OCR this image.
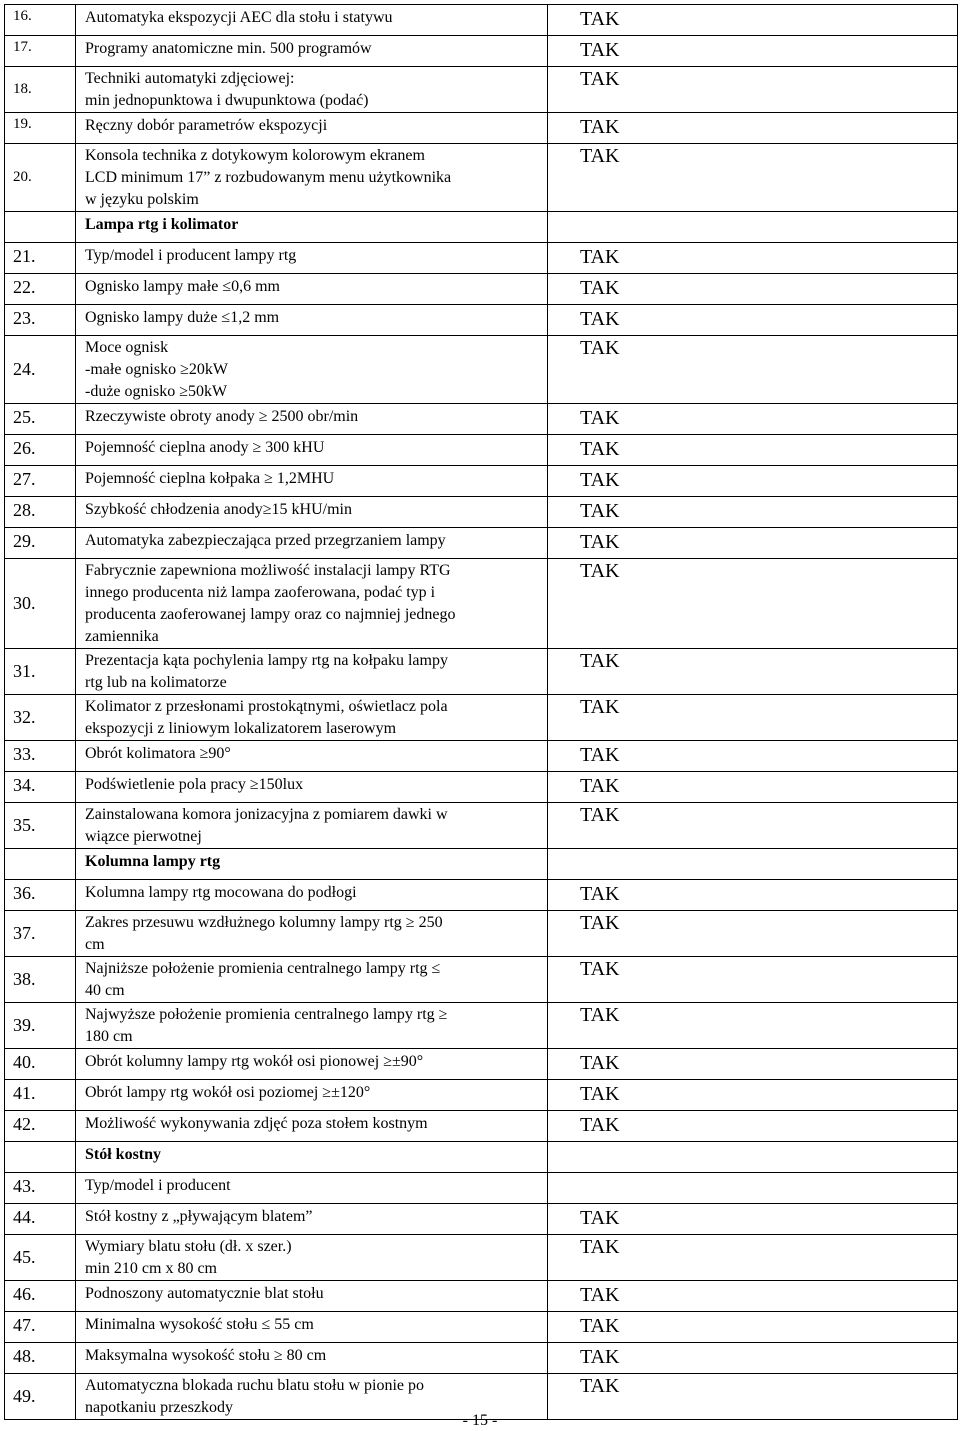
16.	Automatyka ekspozycji AEC dla stołu i statywu	TAK
17.	Programy anatomiczne min. 500 programów	TAK
18.	Techniki automatyki zdjęciowej:
min jednopunktowa i dwupunktowa (podać)	TAK
19.	Ręczny dobór parametrów ekspozycji	TAK
20.	Konsola technika z dotykowym kolorowym ekranem
LCD minimum 17” z rozbudowanym menu użytkownika
w języku polskim	TAK

	Lampa rtg i kolimator	

21.	Typ/model i producent lampy rtg	TAK
22.	Ognisko lampy małe ≤0,6 mm	TAK
23.	Ognisko lampy duże ≤1,2 mm	TAK
24.	Moce ognisk
-małe ognisko ≥20kW
-duże ognisko ≥50kW	TAK
25.	Rzeczywiste obroty anody ≥ 2500 obr/min	TAK
26.	Pojemność cieplna anody ≥ 300 kHU	TAK
27.	Pojemność cieplna kołpaka ≥ 1,2MHU	TAK
28.	Szybkość chłodzenia anody≥15 kHU/min	TAK
29.	Automatyka zabezpieczająca przed przegrzaniem lampy	TAK
30.	Fabrycznie zapewniona możliwość instalacji lampy RTG
innego producenta niż lampa zaoferowana, podać typ i
producenta zaoferowanej lampy oraz co najmniej jednego
zamiennika	TAK
31.	Prezentacja kąta pochylenia lampy rtg na kołpaku lampy
rtg lub na kolimatorze	TAK
32.	Kolimator z przesłonami prostokątnymi, oświetlacz pola
ekspozycji z liniowym lokalizatorem laserowym	TAK
33.	Obrót kolimatora ≥90°	TAK
34.	Podświetlenie pola pracy ≥150lux	TAK
35.	Zainstalowana komora jonizacyjna z pomiarem dawki w
wiązce pierwotnej	TAK

	Kolumna lampy rtg	

36.	Kolumna lampy rtg mocowana do podłogi	TAK
37.	Zakres przesuwu wzdłużnego kolumny lampy rtg ≥ 250
cm	TAK
38.	Najniższe położenie promienia centralnego lampy rtg ≤
40 cm	TAK
39.	Najwyższe położenie promienia centralnego lampy rtg ≥
180 cm	TAK
40.	Obrót kolumny lampy rtg wokół osi pionowej ≥±90°	TAK
41.	Obrót lampy rtg wokół osi poziomej ≥±120°	TAK
42.	Możliwość wykonywania zdjęć poza stołem kostnym	TAK

	Stół kostny	

43.	Typ/model i producent	

44.	Stół kostny z „pływającym blatem”	TAK
45.	Wymiary blatu stołu (dł. x szer.)
min 210 cm x 80 cm	TAK
46.	Podnoszony automatycznie blat stołu	TAK
47.	Minimalna wysokość stołu ≤ 55 cm	TAK
48.	Maksymalna wysokość stołu ≥ 80 cm	TAK
49.	Automatyczna blokada ruchu blatu stołu w pionie po
napotkaniu przeszkody	TAK
- 15 -
